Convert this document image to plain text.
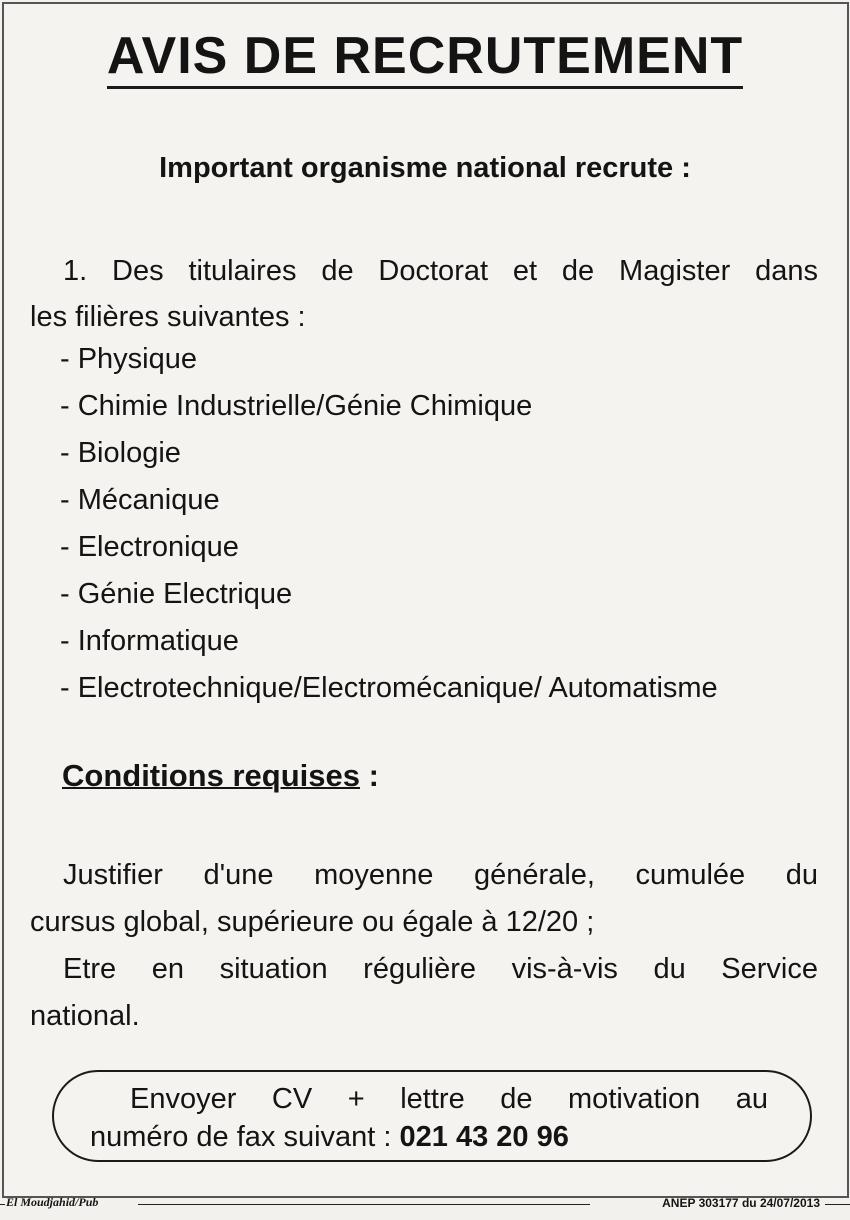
AVIS DE RECRUTEMENT
Important organisme national recrute :
1. Des titulaires de Doctorat et de Magister dans
les filières suivantes :
- Physique
- Chimie Industrielle/Génie Chimique
- Biologie
- Mécanique
- Electronique
- Génie Electrique
- Informatique
- Electrotechnique/Electromécanique/ Automatisme
Conditions requises :
Justifier d'une moyenne générale, cumulée du
cursus global, supérieure ou égale à 12/20 ;
Etre en situation régulière vis-à-vis du Service
national.
Envoyer CV + lettre de motivation au
numéro de fax suivant : 021 43 20 96
El Moudjahid/Pub	ANEP 303177 du 24/07/2013
